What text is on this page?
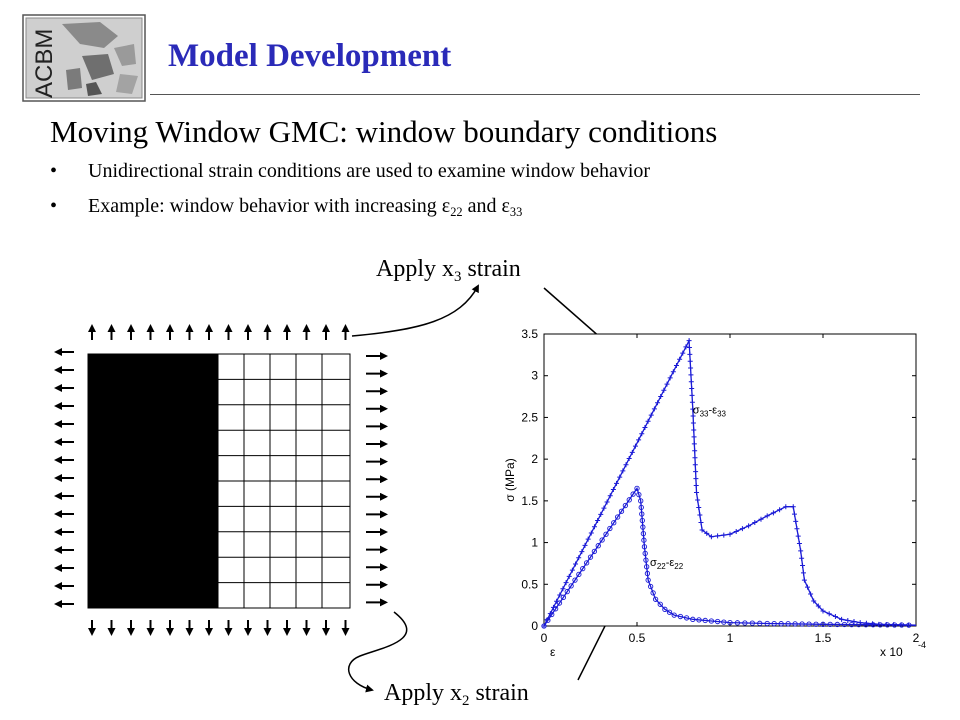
ACBM	Model Development
Moving Window GMC: window boundary conditions
• Unidirectional strain conditions are used to examine window behavior
• Example: window behavior with increasing $\varepsilon_{22}$ and $\varepsilon_{33}$
Apply $x_3$ strain
Apply $x_2$ strain
0	0.5	1	1.5	2
0
0.5
1
1.5
2
2.5
3
3.5
$\sigma_{33}-\varepsilon_{33}$
$\sigma_{22}-\varepsilon_{22}$
ε
σ (MPa)
x 10 -4
